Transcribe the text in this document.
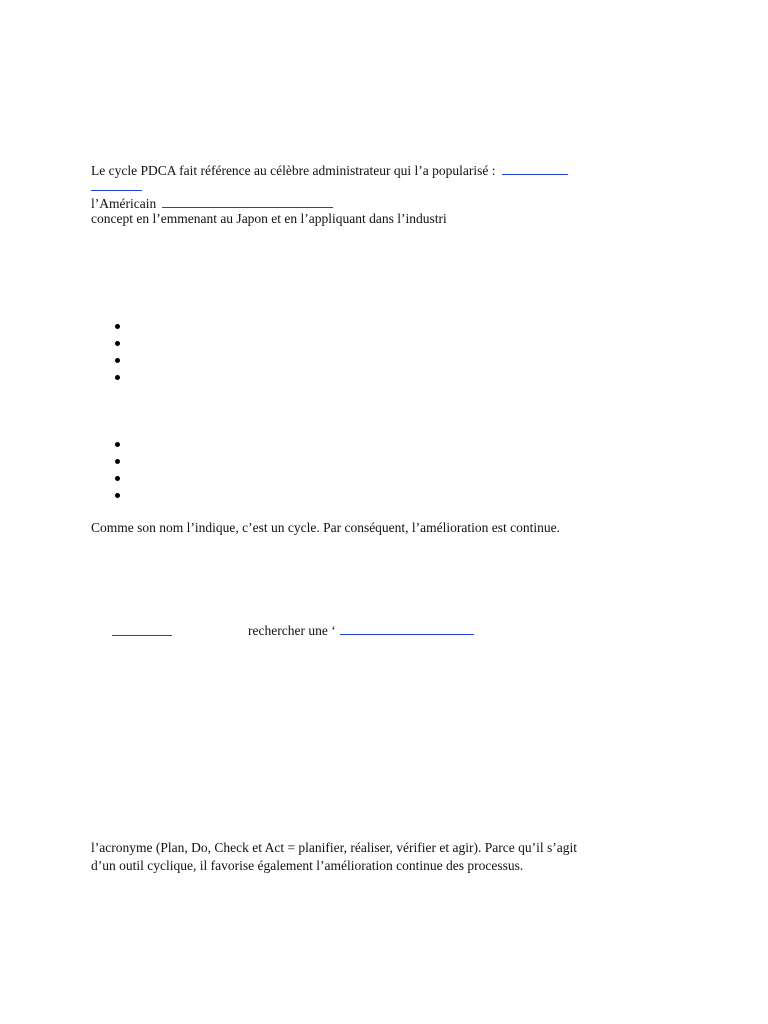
Le cycle PDCA fait référence au célèbre administrateur qui l’a popularisé :
l’Américain
concept en l’emmenant au Japon et en l’appliquant dans l’industri
Comme son nom l’indique, c’est un cycle. Par conséquent, l’amélioration est continue.
rechercher une ‘
l’acronyme (Plan, Do, Check et Act = planifier, réaliser, vérifier et agir). Parce qu’il s’agit
d’un outil cyclique, il favorise également l’amélioration continue des processus.
